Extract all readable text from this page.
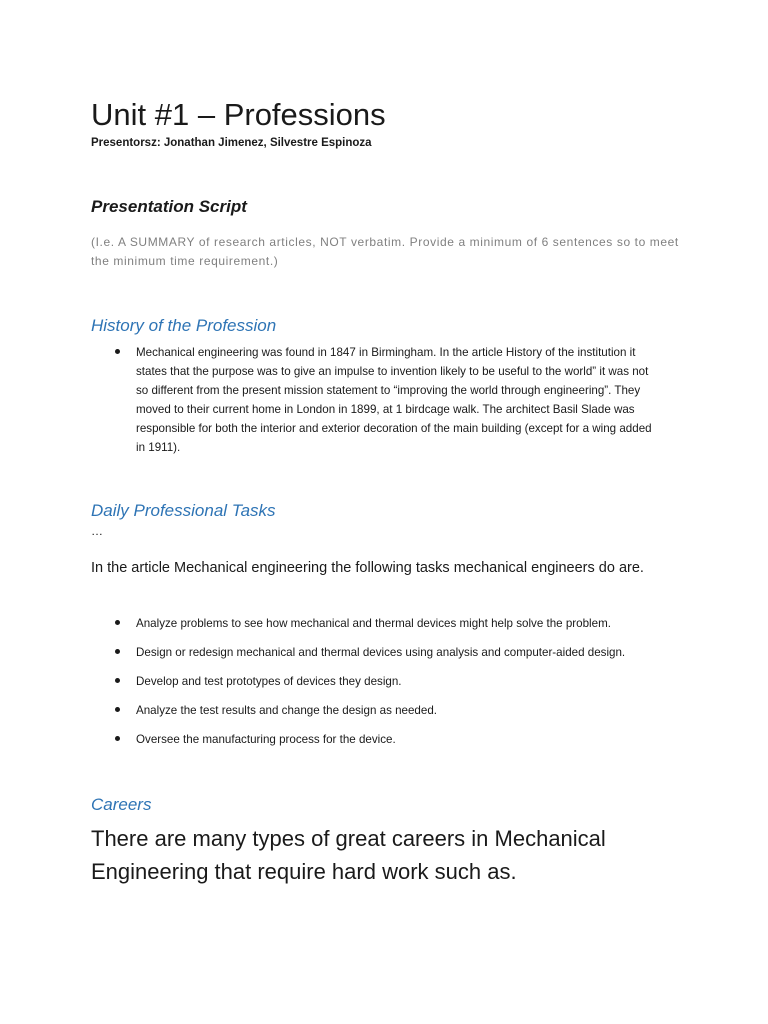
Unit #1 – Professions
Presentorsz: Jonathan Jimenez, Silvestre Espinoza
Presentation Script
(I.e. A SUMMARY of research articles, NOT verbatim. Provide a minimum of 6 sentences so to meet the minimum time requirement.)
History of the Profession
Mechanical engineering was found in 1847 in Birmingham. In the article History of the institution it states that the purpose was to give an impulse to invention likely to be useful to the world” it was not so different from the present mission statement to “improving the world through engineering”. They moved to their current home in London in 1899, at 1 birdcage walk. The architect Basil Slade was responsible for both the interior and exterior decoration of the main building (except for a wing added in 1911).
Daily Professional Tasks
…
In the article Mechanical engineering the following tasks mechanical engineers do are.
Analyze problems to see how mechanical and thermal devices might help solve the problem.
Design or redesign mechanical and thermal devices using analysis and computer-aided design.
Develop and test prototypes of devices they design.
Analyze the test results and change the design as needed.
Oversee the manufacturing process for the device.
Careers
There are many types of great careers in Mechanical Engineering that require hard work such as.
